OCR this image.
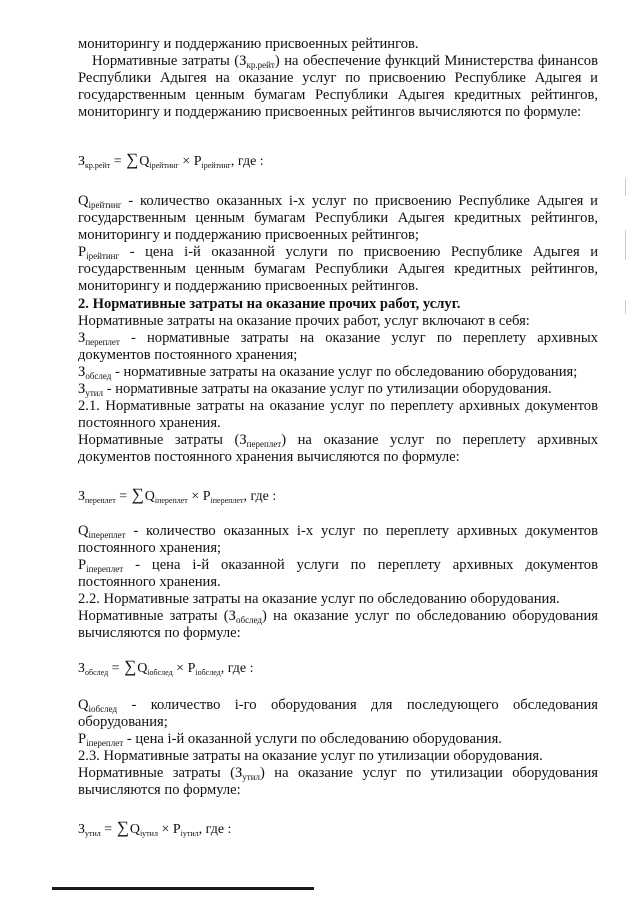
мониторингу и поддержанию присвоенных рейтингов.
Нормативные затраты $(З_{кр.рейт})$ на обеспечение функций Министерства финансов
Республики Адыгея на оказание услуг по присвоению Республике Адыгея и
государственным ценным бумагам Республики Адыгея кредитных рейтингов,
мониторингу и поддержанию присвоенных рейтингов вычисляются по формуле:
$З_{кр.рейт} = \sum Q_{iрейтинг} \times P_{iрейтинг}$, где :
$Q_{iрейтинг}$ - количество оказанных i-х услуг по присвоению Республике Адыгея и
государственным ценным бумагам Республики Адыгея кредитных рейтингов,
мониторингу и поддержанию присвоенных рейтингов;
$P_{iрейтинг}$ - цена i-й оказанной услуги по присвоению Республике Адыгея и
государственным ценным бумагам Республики Адыгея кредитных рейтингов,
мониторингу и поддержанию присвоенных рейтингов.
2. Нормативные затраты на оказание прочих работ, услуг.
Нормативные затраты на оказание прочих работ, услуг включают в себя:
$З_{переплет}$ - нормативные затраты на оказание услуг по переплету архивных
документов постоянного хранения;
$З_{обслед}$ - нормативные затраты на оказание услуг по обследованию оборудования;
$З_{утил}$ - нормативные затраты на оказание услуг по утилизации оборудования.
2.1. Нормативные затраты на оказание услуг по переплету архивных документов
постоянного хранения.
Нормативные затраты $(З_{переплет})$ на оказание услуг по переплету архивных
документов постоянного хранения вычисляются по формуле:
$З_{переплет} = \sum Q_{iпереплет} \times P_{iпереплет}$, где :
$Q_{iпереплет}$ - количество оказанных i-х услуг по переплету архивных документов
постоянного хранения;
$P_{iпереплет}$ - цена i-й оказанной услуги по переплету архивных документов
постоянного хранения.
2.2. Нормативные затраты на оказание услуг по обследованию оборудования.
Нормативные затраты $(З_{обслед})$ на оказание услуг по обследованию оборудования
вычисляются по формуле:
$З_{обслед} = \sum Q_{iобслед} \times P_{iобслед}$, где :
$Q_{iобслед}$ - количество i-го оборудования для последующего обследования
оборудования;
$P_{iпереплет}$ - цена i-й оказанной услуги по обследованию оборудования.
2.3. Нормативные затраты на оказание услуг по утилизации оборудования.
Нормативные затраты $(З_{утил})$ на оказание услуг по утилизации оборудования
вычисляются по формуле:
$З_{утил} = \sum Q_{iутил} \times P_{iутил}$, где :
